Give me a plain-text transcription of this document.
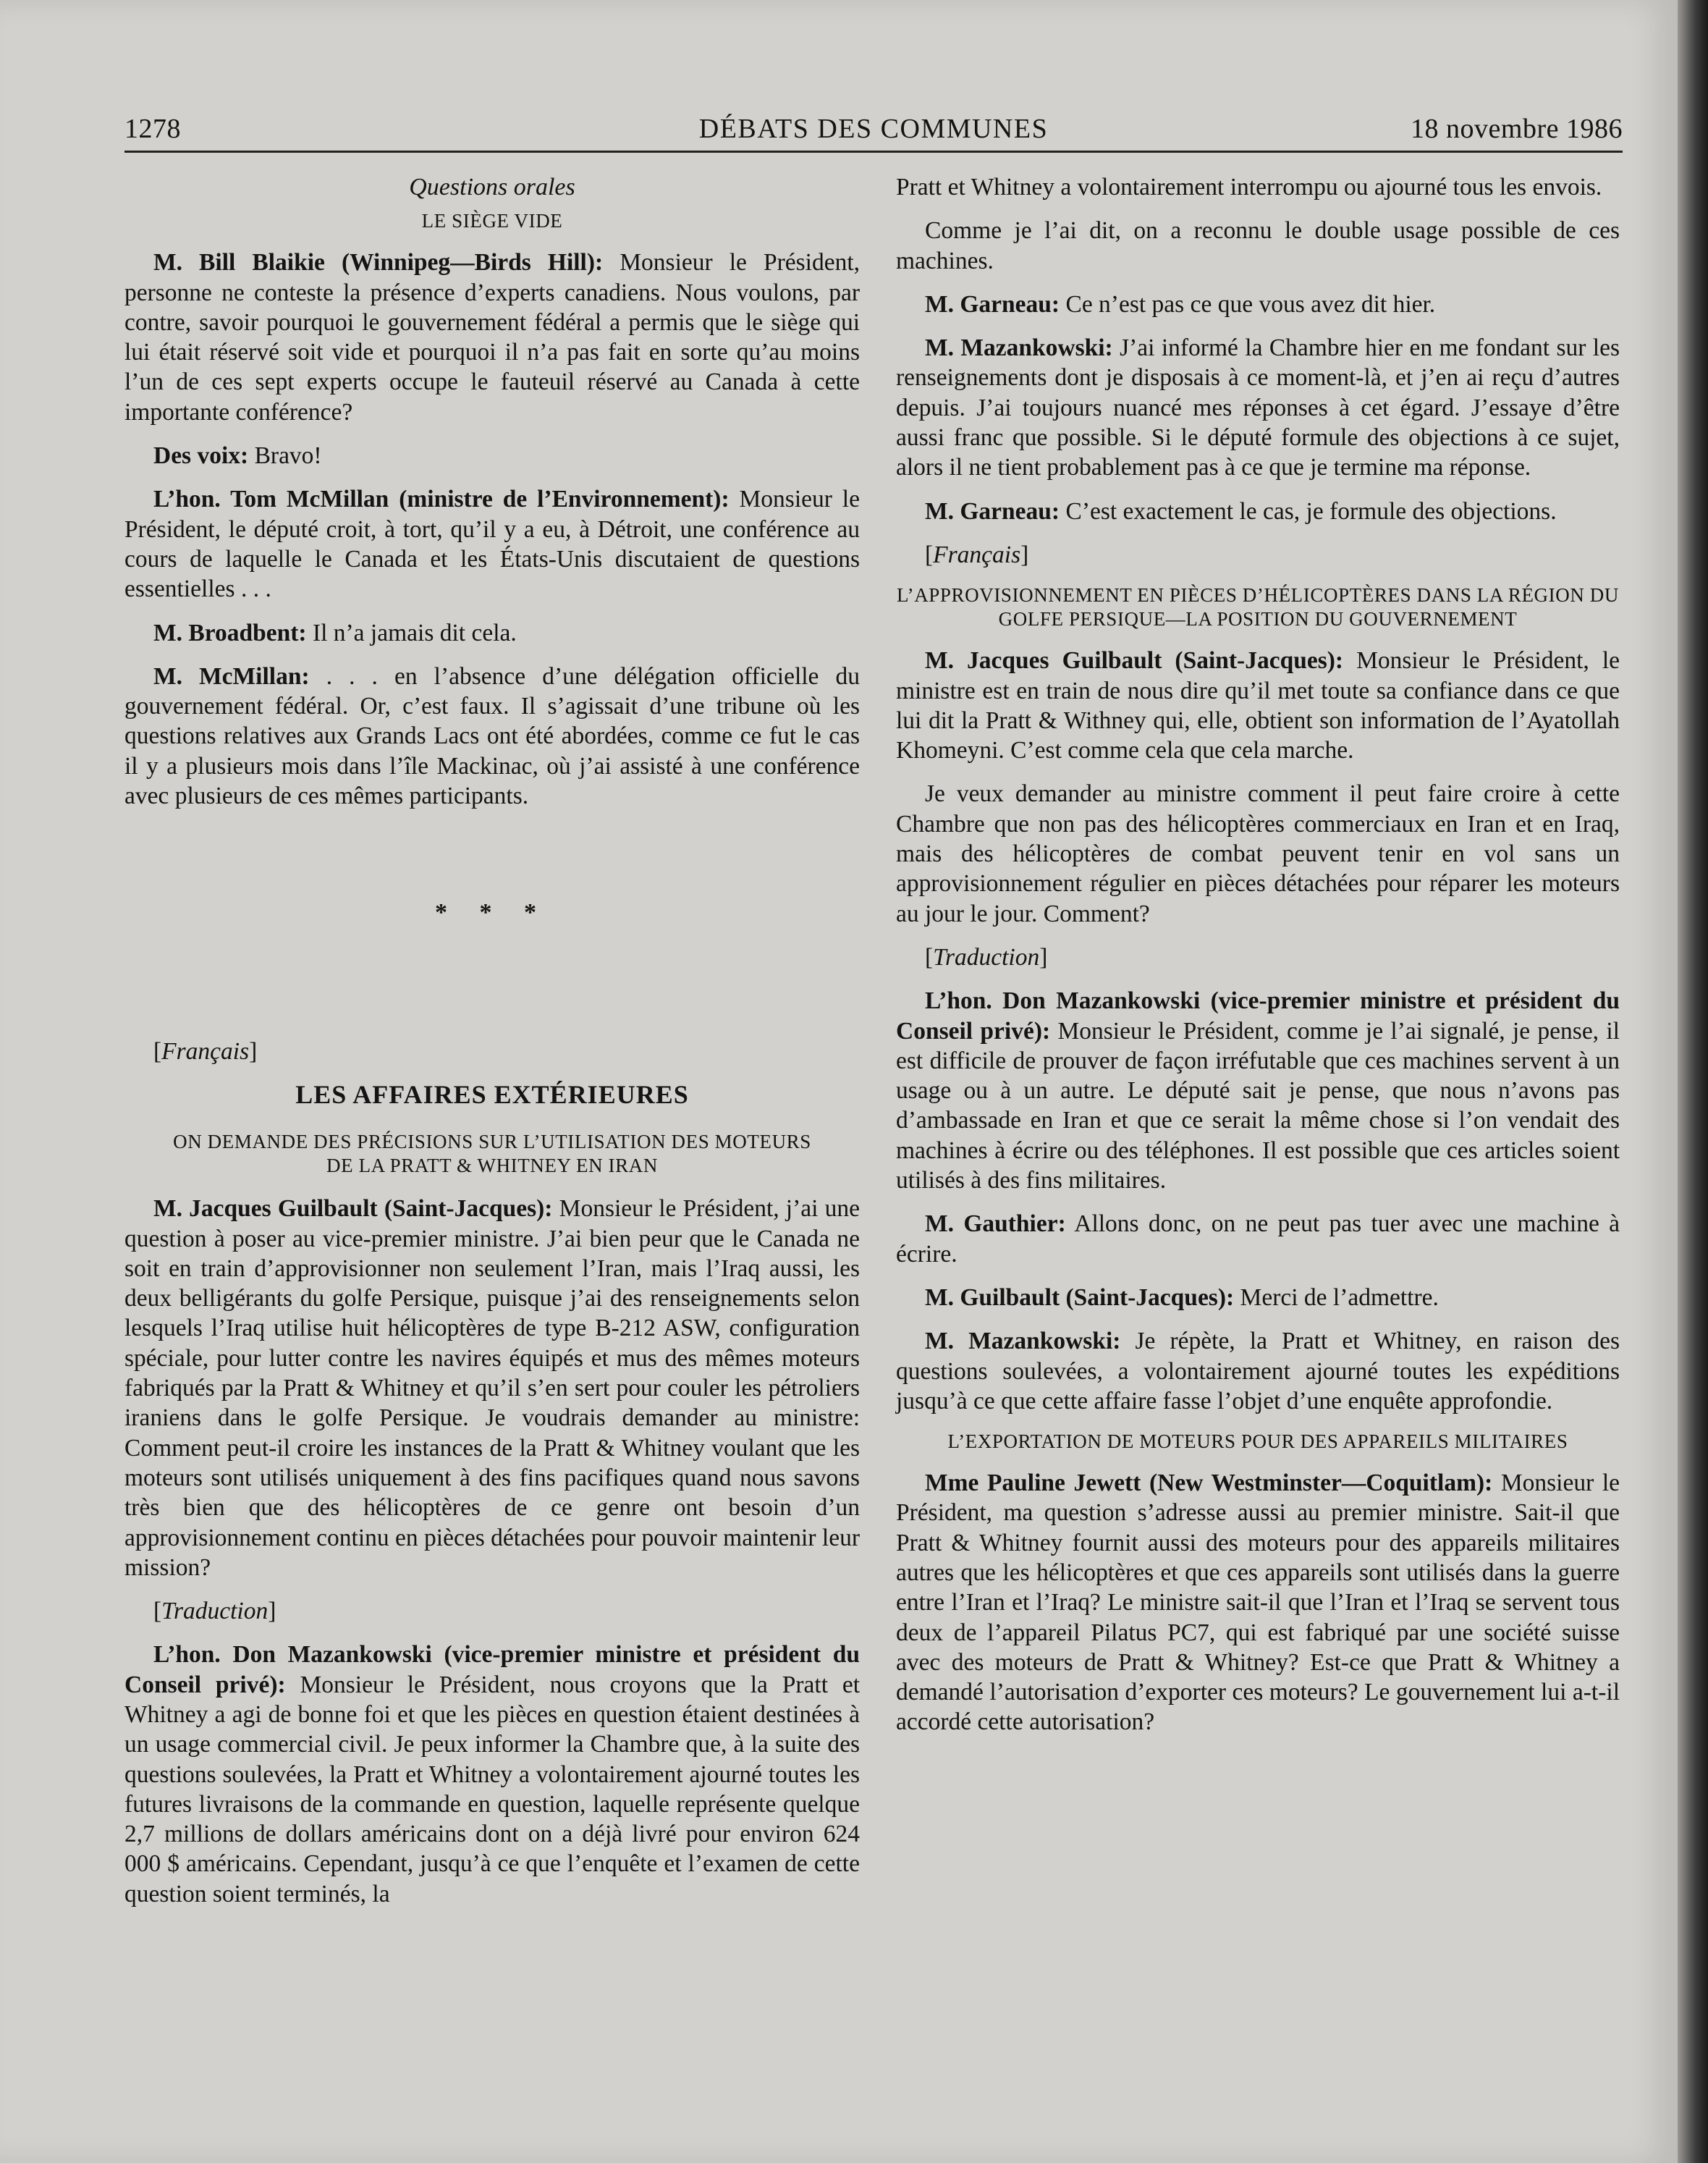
1278	DÉBATS DES COMMUNES	18 novembre 1986
Questions orales
LE SIÈGE VIDE

M. Bill Blaikie (Winnipeg—Birds Hill): Monsieur le Président, personne ne conteste la présence d’experts canadiens. Nous voulons, par contre, savoir pourquoi le gouvernement fédéral a permis que le siège qui lui était réservé soit vide et pourquoi il n’a pas fait en sorte qu’au moins l’un de ces sept experts occupe le fauteuil réservé au Canada à cette importante conférence?

Des voix: Bravo!

L’hon. Tom McMillan (ministre de l’Environnement): Monsieur le Président, le député croit, à tort, qu’il y a eu, à Détroit, une conférence au cours de laquelle le Canada et les États-Unis discutaient de questions essentielles . . .

M. Broadbent: Il n’a jamais dit cela.

M. McMillan: . . . en l’absence d’une délégation officielle du gouvernement fédéral. Or, c’est faux. Il s’agissait d’une tribune où les questions relatives aux Grands Lacs ont été abordées, comme ce fut le cas il y a plusieurs mois dans l’île Mackinac, où j’ai assisté à une conférence avec plusieurs de ces mêmes participants.

* * *

[Français]

LES AFFAIRES EXTÉRIEURES
ON DEMANDE DES PRÉCISIONS SUR L’UTILISATION DES MOTEURS DE LA PRATT & WHITNEY EN IRAN

M. Jacques Guilbault (Saint-Jacques): Monsieur le Président, j’ai une question à poser au vice-premier ministre. J’ai bien peur que le Canada ne soit en train d’approvisionner non seulement l’Iran, mais l’Iraq aussi, les deux belligérants du golfe Persique, puisque j’ai des renseignements selon lesquels l’Iraq utilise huit hélicoptères de type B-212 ASW, configuration spéciale, pour lutter contre les navires équipés et mus des mêmes moteurs fabriqués par la Pratt & Whitney et qu’il s’en sert pour couler les pétroliers iraniens dans le golfe Persique. Je voudrais demander au ministre: Comment peut-il croire les instances de la Pratt & Whitney voulant que les moteurs sont utilisés uniquement à des fins pacifiques quand nous savons très bien que des hélicoptères de ce genre ont besoin d’un approvisionnement continu en pièces détachées pour pouvoir maintenir leur mission?

[Traduction]

L’hon. Don Mazankowski (vice-premier ministre et président du Conseil privé): Monsieur le Président, nous croyons que la Pratt et Whitney a agi de bonne foi et que les pièces en question étaient destinées à un usage commercial civil. Je peux informer la Chambre que, à la suite des questions soulevées, la Pratt et Whitney a volontairement ajourné toutes les futures livraisons de la commande en question, laquelle représente quelque 2,7 millions de dollars américains dont on a déjà livré pour environ 624 000 $ américains. Cependant, jusqu’à ce que l’enquête et l’examen de cette question soient terminés, la

Pratt et Whitney a volontairement interrompu ou ajourné tous les envois.

Comme je l’ai dit, on a reconnu le double usage possible de ces machines.

M. Garneau: Ce n’est pas ce que vous avez dit hier.

M. Mazankowski: J’ai informé la Chambre hier en me fondant sur les renseignements dont je disposais à ce moment-là, et j’en ai reçu d’autres depuis. J’ai toujours nuancé mes réponses à cet égard. J’essaye d’être aussi franc que possible. Si le député formule des objections à ce sujet, alors il ne tient probablement pas à ce que je termine ma réponse.

M. Garneau: C’est exactement le cas, je formule des objections.

[Français]

L’APPROVISIONNEMENT EN PIÈCES D’HÉLICOPTÈRES DANS LA RÉGION DU GOLFE PERSIQUE—LA POSITION DU GOUVERNEMENT

M. Jacques Guilbault (Saint-Jacques): Monsieur le Président, le ministre est en train de nous dire qu’il met toute sa confiance dans ce que lui dit la Pratt & Withney qui, elle, obtient son information de l’Ayatollah Khomeyni. C’est comme cela que cela marche.

Je veux demander au ministre comment il peut faire croire à cette Chambre que non pas des hélicoptères commerciaux en Iran et en Iraq, mais des hélicoptères de combat peuvent tenir en vol sans un approvisionnement régulier en pièces détachées pour réparer les moteurs au jour le jour. Comment?

[Traduction]

L’hon. Don Mazankowski (vice-premier ministre et président du Conseil privé): Monsieur le Président, comme je l’ai signalé, je pense, il est difficile de prouver de façon irréfutable que ces machines servent à un usage ou à un autre. Le député sait je pense, que nous n’avons pas d’ambassade en Iran et que ce serait la même chose si l’on vendait des machines à écrire ou des téléphones. Il est possible que ces articles soient utilisés à des fins militaires.

M. Gauthier: Allons donc, on ne peut pas tuer avec une machine à écrire.

M. Guilbault (Saint-Jacques): Merci de l’admettre.

M. Mazankowski: Je répète, la Pratt et Whitney, en raison des questions soulevées, a volontairement ajourné toutes les expéditions jusqu’à ce que cette affaire fasse l’objet d’une enquête approfondie.

L’EXPORTATION DE MOTEURS POUR DES APPAREILS MILITAIRES

Mme Pauline Jewett (New Westminster—Coquitlam): Monsieur le Président, ma question s’adresse aussi au premier ministre. Sait-il que Pratt & Whitney fournit aussi des moteurs pour des appareils militaires autres que les hélicoptères et que ces appareils sont utilisés dans la guerre entre l’Iran et l’Iraq? Le ministre sait-il que l’Iran et l’Iraq se servent tous deux de l’appareil Pilatus PC7, qui est fabriqué par une société suisse avec des moteurs de Pratt & Whitney? Est-ce que Pratt & Whitney a demandé l’autorisation d’exporter ces moteurs? Le gouvernement lui a-t-il accordé cette autorisation?
